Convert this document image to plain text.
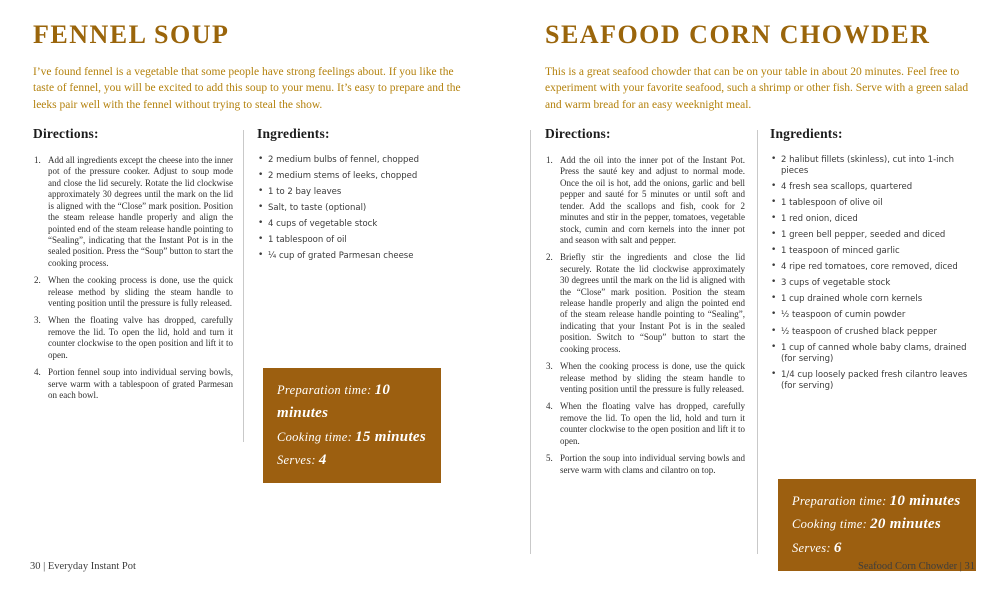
FENNEL SOUP

I’ve found fennel is a vegetable that some people have strong feelings about. If you like the taste of fennel, you will be excited to add this soup to your menu. It’s easy to prepare and the leeks pair well with the fennel without trying to steal the show.

Directions:
Add all ingredients except the cheese into the inner pot of the pressure cooker. Adjust to soup mode and close the lid securely. Rotate the lid clockwise approximately 30 degrees until the mark on the lid is aligned with the “Close” mark position. Position the steam release handle properly and align the pointed end of the steam release handle pointing to “Sealing”, indicating that the Instant Pot is in the sealed position. Press the “Soup” button to start the cooking process.
When the cooking process is done, use the quick release method by sliding the steam handle to venting position until the pressure is fully released.
When the floating valve has dropped, carefully remove the lid. To open the lid, hold and turn it counter clockwise to the open position and lift it to open.
Portion fennel soup into individual serving bowls, serve warm with a tablespoon of grated Parmesan on each bowl.
Ingredients:
• 2 medium bulbs of fennel, chopped
• 2 medium stems of leeks, chopped
• 1 to 2 bay leaves
• Salt, to taste (optional)
• 4 cups of vegetable stock
• 1 tablespoon of oil
• ¼ cup of grated Parmesan cheese
Preparation time: 10 minutes
Cooking time: 15 minutes
Serves: 4
SEAFOOD CORN CHOWDER

This is a great seafood chowder that can be on your table in about 20 minutes. Feel free to experiment with your favorite seafood, such a shrimp or other fish. Serve with a green salad and warm bread for an easy weeknight meal.

Directions:
Add the oil into the inner pot of the Instant Pot. Press the sauté key and adjust to normal mode. Once the oil is hot, add the onions, garlic and bell pepper and sauté for 5 minutes or until soft and tender. Add the scallops and fish, cook for 2 minutes and stir in the pepper, tomatoes, vegetable stock, cumin and corn kernels into the inner pot and season with salt and pepper.
Briefly stir the ingredients and close the lid securely. Rotate the lid clockwise approximately 30 degrees until the mark on the lid is aligned with the “Close” mark position. Position the steam release handle properly and align the pointed end of the steam release handle pointing to “Sealing”, indicating that your Instant Pot is in the sealed position. Switch to “Soup” button to start the cooking process.
When the cooking process is done, use the quick release method by sliding the steam handle to venting position until the pressure is fully released.
When the floating valve has dropped, carefully remove the lid. To open the lid, hold and turn it counter clockwise to the open position and lift it to open.
Portion the soup into individual serving bowls and serve warm with clams and cilantro on top.
Ingredients:
• 2 halibut fillets (skinless), cut into 1-inch pieces
• 4 fresh sea scallops, quartered
• 1 tablespoon of olive oil
• 1 red onion, diced
• 1 green bell pepper, seeded and diced
• 1 teaspoon of minced garlic
• 4 ripe red tomatoes, core removed, diced
• 3 cups of vegetable stock
• 1 cup drained whole corn kernels
• ½ teaspoon of cumin powder
• ½ teaspoon of crushed black pepper
• 1 cup of canned whole baby clams, drained (for serving)
• 1/4 cup loosely packed fresh cilantro leaves (for serving)
Preparation time: 10 minutes
Cooking time: 20 minutes
Serves: 6
30 | Everyday Instant Pot	Seafood Corn Chowder | 31
